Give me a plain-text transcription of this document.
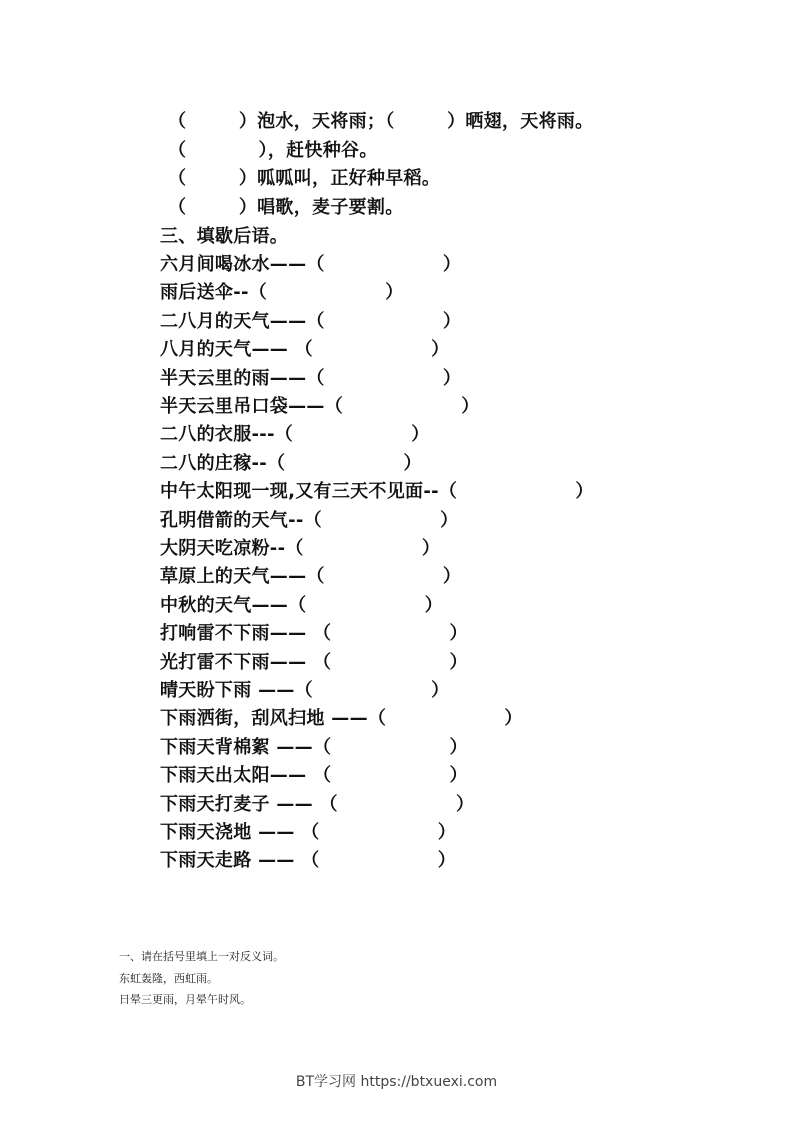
（        ）泡水，天将雨；（        ）晒翅，天将雨。
（           ），赶快种谷。
（        ）呱呱叫，正好种早稻。
（        ）唱歌，麦子要割。
三、填歇后语。
六月间喝冰水——（                  ）
雨后送伞--（                  ）
二八月的天气——（                  ）
八月的天气—— （                  ）
半天云里的雨——（                  ）
半天云里吊口袋——（                  ）
二八的衣服---（                  ）
二八的庄稼--（                  ）
中午太阳现一现,又有三天不见面--（                  ）
孔明借箭的天气--（                  ）
大阴天吃凉粉--（                  ）
草原上的天气——（                  ）
中秋的天气——（                  ）
打响雷不下雨—— （                  ）
光打雷不下雨—— （                  ）
晴天盼下雨 ——（                  ）
下雨洒街，刮风扫地 ——（                  ）
下雨天背棉絮 ——（                  ）
下雨天出太阳—— （                  ）
下雨天打麦子 —— （                  ）
下雨天浇地 —— （                  ）
下雨天走路 —— （                  ）
一、请在括号里填上一对反义词。
东虹轰隆，西虹雨。
日晕三更雨，月晕午时风。
BT学习网 https://btxuexi.com
